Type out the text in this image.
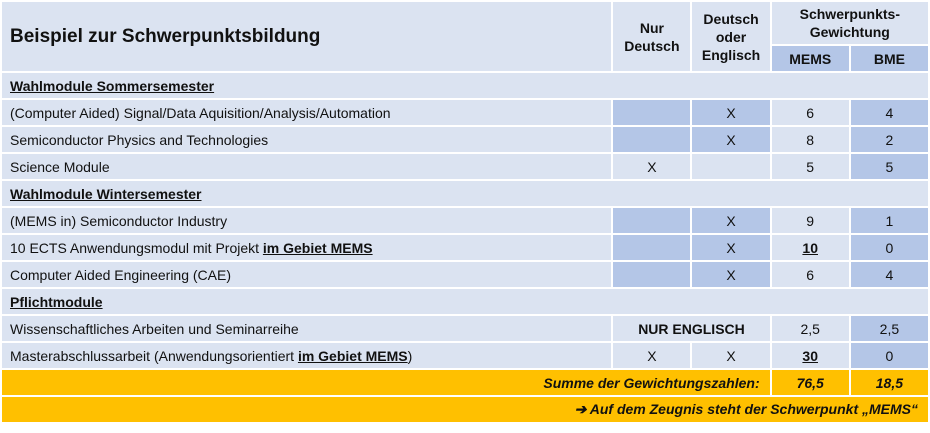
Beispiel zur Schwerpunktsbildung	Nur Deutsch	Deutsch oder Englisch	Schwerpunkts-Gewichtung	
			MEMS	BME
Wahlmodule Sommersemester				
(Computer Aided) Signal/Data Aquisition/Analysis/Automation		X	6	4
Semiconductor Physics and Technologies		X	8	2
Science Module	X		5	5
Wahlmodule Wintersemester				
(MEMS in) Semiconductor Industry		X	9	1
10 ECTS Anwendungsmodul mit Projekt im Gebiet MEMS		X	10	0
Computer Aided Engineering (CAE)		X	6	4
Pflichtmodule				
Wissenschaftliches Arbeiten und Seminarreihe	NUR ENGLISCH		2,5	2,5
Masterabschlussarbeit (Anwendungsorientiert im Gebiet MEMS)	X	X	30	0
Summe der Gewichtungszahlen:			76,5	18,5
➔ Auf dem Zeugnis steht der Schwerpunkt „MEMS“				
